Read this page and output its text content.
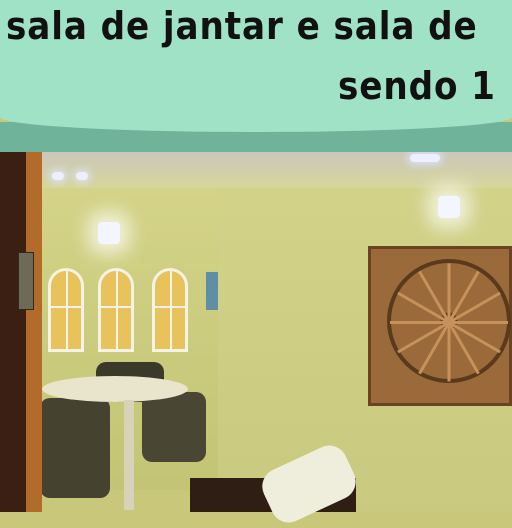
sala de jantar e sala de
sendo 1
